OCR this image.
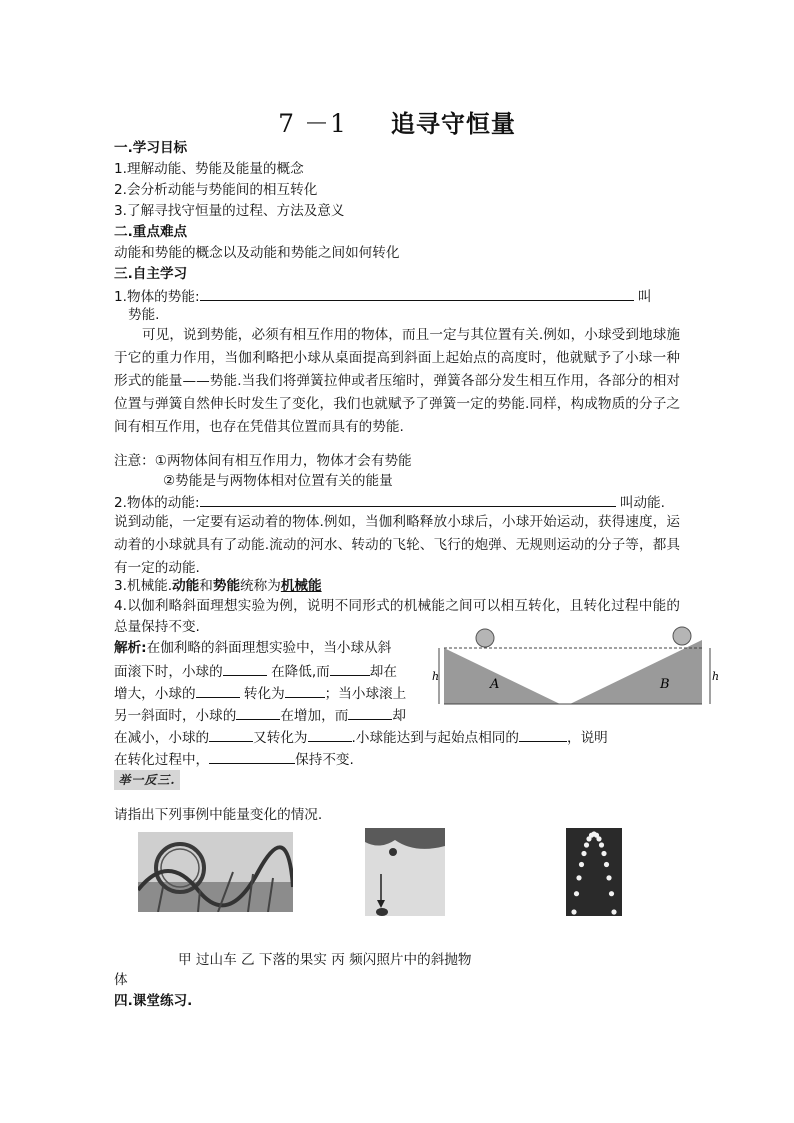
7 －1 追寻守恒量
一.学习目标
1.理解动能、势能及能量的概念
2.会分析动能与势能间的相互转化
3.了解寻找守恒量的过程、方法及意义
二.重点难点
动能和势能的概念以及动能和势能之间如何转化
三.自主学习
1.物体的势能:	叫
势能.
可见，说到势能，必须有相互作用的物体，而且一定与其位置有关.例如，小球受到地球施于它的重力作用，当伽利略把小球从桌面提高到斜面上起始点的高度时，他就赋予了小球一种形式的能量——势能.当我们将弹簧拉伸或者压缩时，弹簧各部分发生相互作用，各部分的相对位置与弹簧自然伸长时发生了变化，我们也就赋予了弹簧一定的势能.同样，构成物质的分子之间有相互作用，也存在凭借其位置而具有的势能.
注意：①两物体间有相互作用力，物体才会有势能
②势能是与两物体相对位置有关的能量
2.物体的动能:	叫动能.
说到动能，一定要有运动着的物体.例如，当伽利略释放小球后，小球开始运动，获得速度，运动着的小球就具有了动能.流动的河水、转动的飞轮、飞行的炮弹、无规则运动的分子等，都具有一定的动能.
3.机械能.动能和势能统称为机械能
4.以伽利略斜面理想实验为例，说明不同形式的机械能之间可以相互转化，且转化过程中能的总量保持不变.
解析:在伽利略的斜面理想实验中，当小球从斜
面滚下时，小球的	在降低,而	却在
增大，小球的	转化为	；当小球滚上
另一斜面时，小球的	在增加，而	却
在减小，小球的	又转化为	.小球能达到与起始点相同的	，说明
在转化过程中，	保持不变.
h	h
A	B
举一反三.
请指出下列事例中能量变化的情况.
甲 过山车 乙 下落的果实 丙 频闪照片中的斜抛物
体
四.课堂练习.
